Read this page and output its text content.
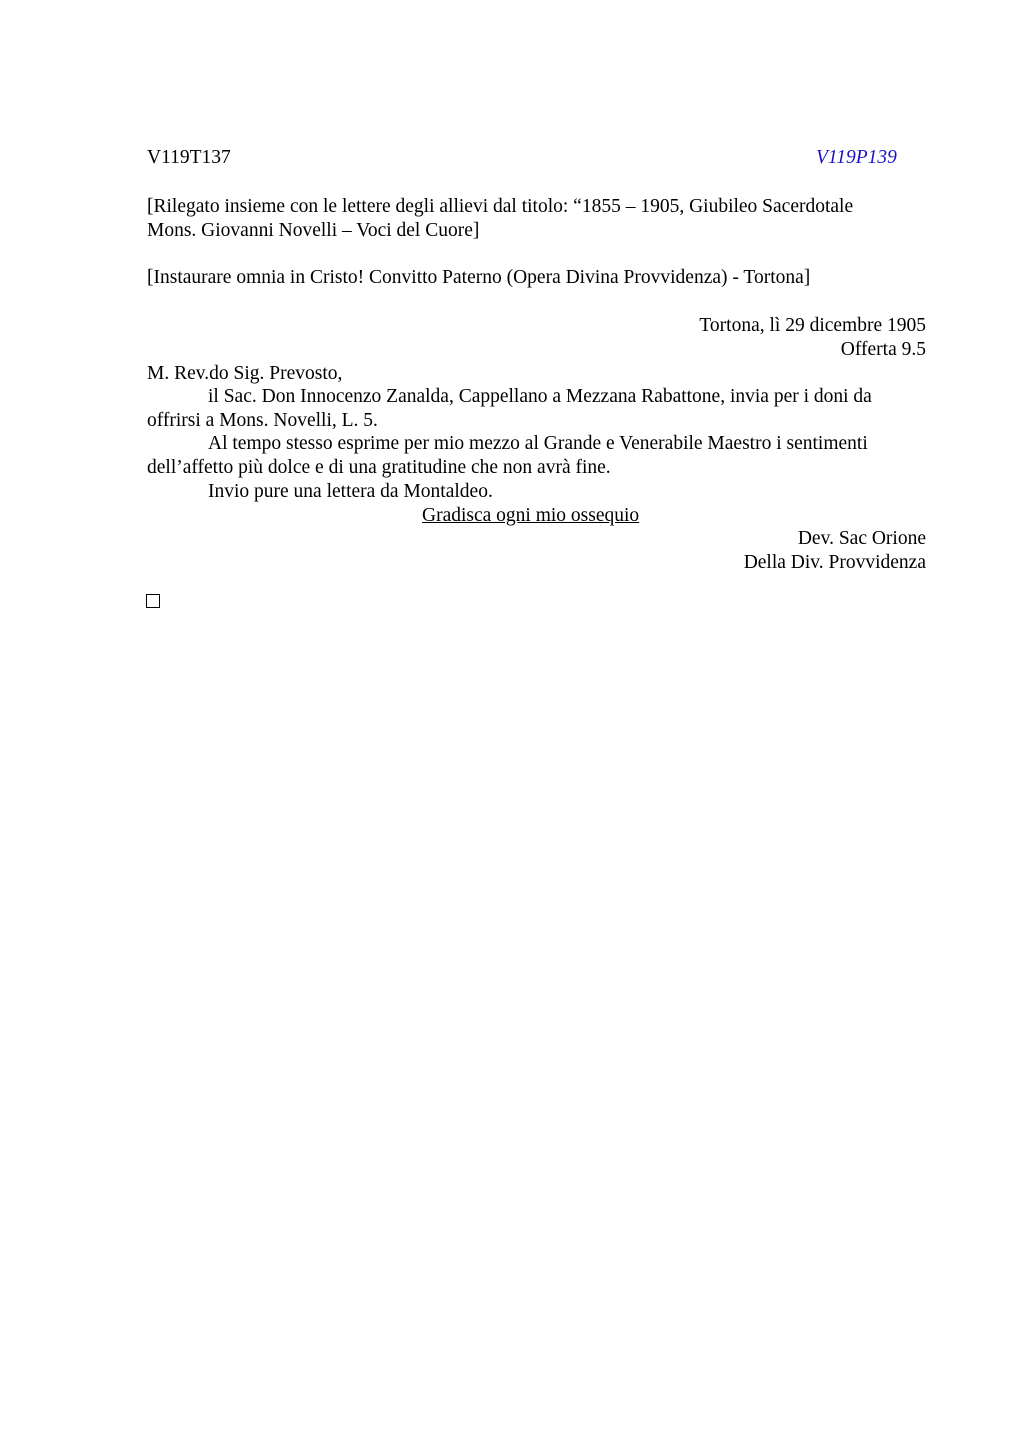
V119T137	V119P139
[Rilegato insieme con le lettere degli allievi dal titolo: “1855 – 1905, Giubileo Sacerdotale
Mons. Giovanni Novelli – Voci del Cuore]
[Instaurare omnia in Cristo! Convitto Paterno (Opera Divina Provvidenza) - Tortona]
Tortona, lì 29 dicembre 1905
Offerta 9.5
M. Rev.do Sig. Prevosto,
il Sac. Don Innocenzo Zanalda, Cappellano a Mezzana Rabattone, invia per i doni da
offrirsi a Mons. Novelli, L. 5.
Al tempo stesso esprime per mio mezzo al Grande e Venerabile Maestro i sentimenti
dell’affetto più dolce e di una gratitudine che non avrà fine.
Invio pure una lettera da Montaldeo.
Gradisca ogni mio ossequio
Dev. Sac Orione
Della Div. Provvidenza
